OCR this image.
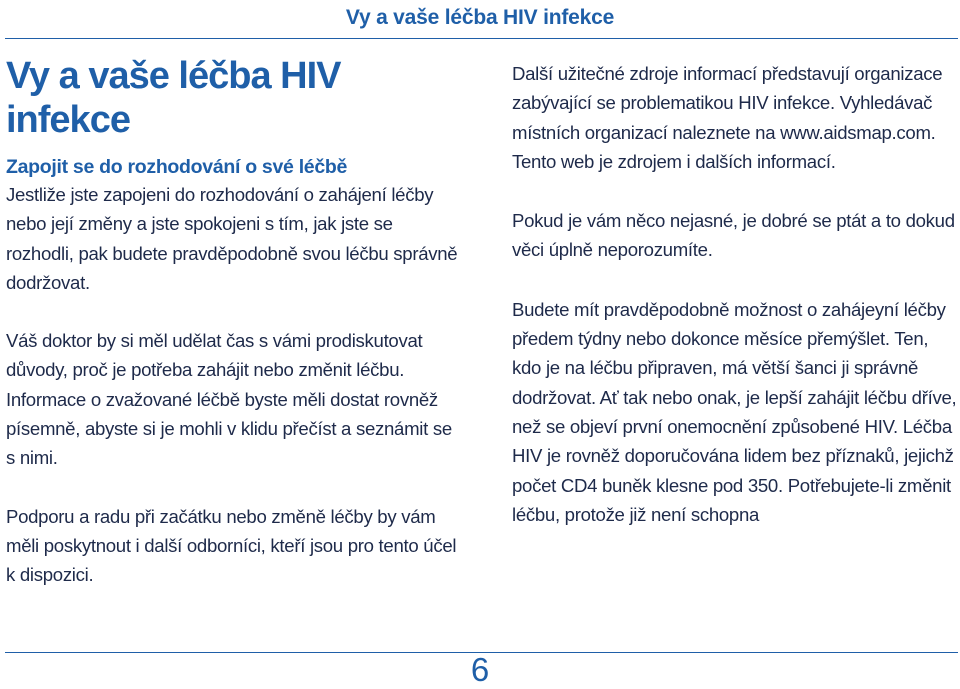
Vy a vaše léčba HIV infekce
Vy a vaše léčba HIV infekce
Zapojit se do rozhodování o své léčbě

Jestliže jste zapojeni do rozhodování o zahájení léčby nebo její změny a jste spokojeni s tím, jak jste se rozhodli, pak budete pravděpodobně svou léčbu správně dodržovat.

Váš doktor by si měl udělat čas s vámi prodiskutovat důvody, proč je potřeba zahájit nebo změnit léčbu. Informace o zvažované léčbě byste měli dostat rovněž písemně, abyste si je mohli v klidu přečíst a seznámit se s nimi.

Podporu a radu při začátku nebo změně léčby by vám měli poskytnout i další odborníci, kteří jsou pro tento účel k dispozici.

Další užitečné zdroje informací představují organizace zabývající se problematikou HIV infekce. Vyhledávač místních organizací naleznete na www.aidsmap.com. Tento web je zdrojem i dalších informací.

Pokud je vám něco nejasné, je dobré se ptát a to dokud věci úplně neporozumíte.

Budete mít pravděpodobně možnost o zahájeyní léčby předem týdny nebo dokonce měsíce přemýšlet. Ten, kdo je na léčbu připraven, má větší šanci ji správně dodržovat. Ať tak nebo onak, je lepší zahájit léčbu dříve, než se objeví první onemocnění způsobené HIV. Léčba HIV je rovněž doporučována lidem bez příznaků, jejichž počet CD4 buněk klesne pod 350. Potřebujete-li změnit léčbu, protože již není schopna

6
